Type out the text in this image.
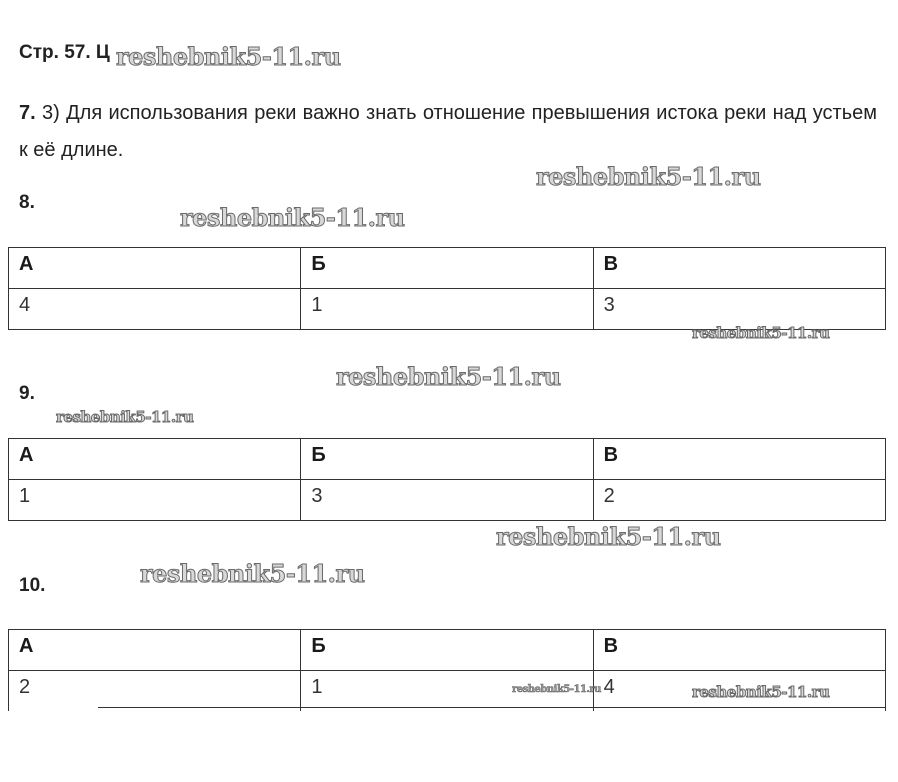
Стр. 57. Ц
7. 3) Для использования реки важно знать отношение превышения истока реки над устьем к её длине.
8.
А	Б	В
4	1	3
9.
А	Б	В
1	3	2
10.
А	Б	В
2	1	4
reshebnik5-11.ru
reshebnik5-11.ru
reshebnik5-11.ru
reshebnik5-11.ru
reshebnik5-11.ru
reshebnik5-11.ru
reshebnik5-11.ru
reshebnik5-11.ru
reshebnik5-11.ru	reshebnik5-11.ru
